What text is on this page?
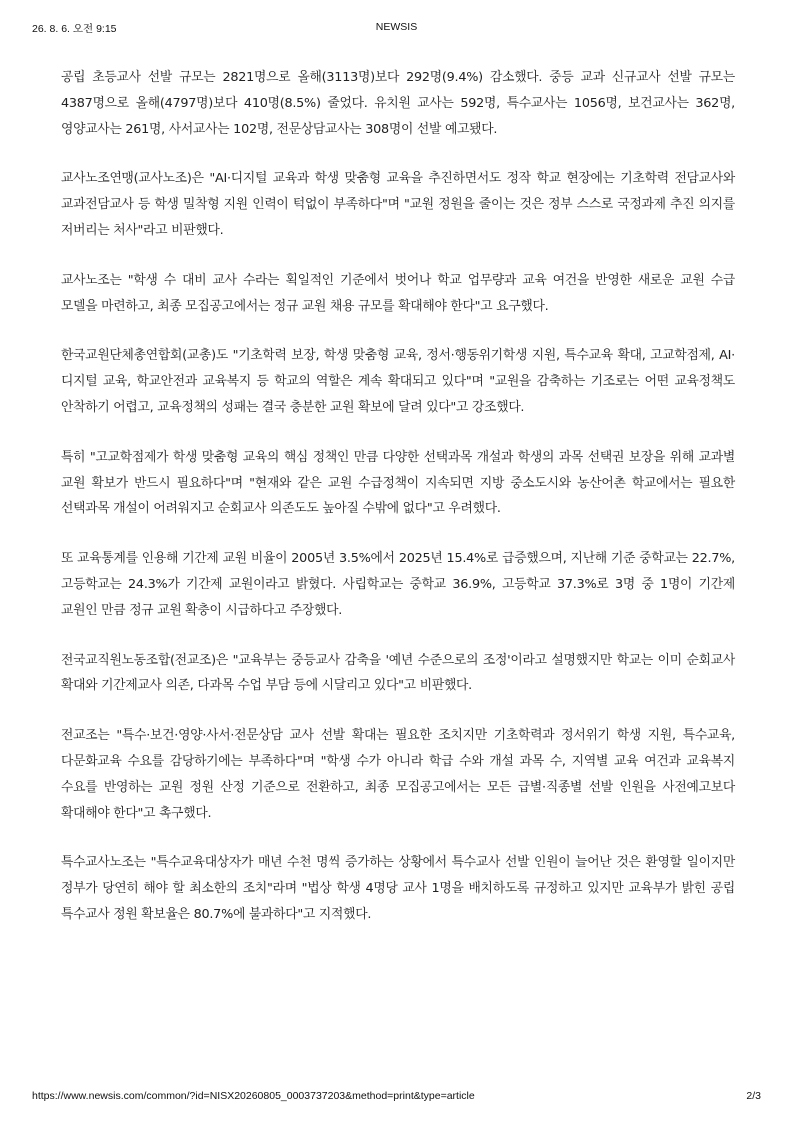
26. 8. 6. 오전 9:15	NEWSIS

공립 초등교사 선발 규모는 2821명으로 올해(3113명)보다 292명(9.4%) 감소했다. 중등 교과 신규교사 선발 규모는 4387명으로 올해(4797명)보다 410명(8.5%) 줄었다. 유치원 교사는 592명, 특수교사는 1056명, 보건교사는 362명, 영양교사는 261명, 사서교사는 102명, 전문상담교사는 308명이 선발 예고됐다.

교사노조연맹(교사노조)은 "AI·디지털 교육과 학생 맞춤형 교육을 추진하면서도 정작 학교 현장에는 기초학력 전담교사와 교과전담교사 등 학생 밀착형 지원 인력이 턱없이 부족하다"며 "교원 정원을 줄이는 것은 정부 스스로 국정과제 추진 의지를 저버리는 처사"라고 비판했다.

교사노조는 "학생 수 대비 교사 수라는 획일적인 기준에서 벗어나 학교 업무량과 교육 여건을 반영한 새로운 교원 수급 모델을 마련하고, 최종 모집공고에서는 정규 교원 채용 규모를 확대해야 한다"고 요구했다.

한국교원단체총연합회(교총)도 "기초학력 보장, 학생 맞춤형 교육, 정서·행동위기학생 지원, 특수교육 확대, 고교학점제, AI·디지털 교육, 학교안전과 교육복지 등 학교의 역할은 계속 확대되고 있다"며 "교원을 감축하는 기조로는 어떤 교육정책도 안착하기 어렵고, 교육정책의 성패는 결국 충분한 교원 확보에 달려 있다"고 강조했다.

특히 "고교학점제가 학생 맞춤형 교육의 핵심 정책인 만큼 다양한 선택과목 개설과 학생의 과목 선택권 보장을 위해 교과별 교원 확보가 반드시 필요하다"며 "현재와 같은 교원 수급정책이 지속되면 지방 중소도시와 농산어촌 학교에서는 필요한 선택과목 개설이 어려워지고 순회교사 의존도도 높아질 수밖에 없다"고 우려했다.

또 교육통계를 인용해 기간제 교원 비율이 2005년 3.5%에서 2025년 15.4%로 급증했으며, 지난해 기준 중학교는 22.7%, 고등학교는 24.3%가 기간제 교원이라고 밝혔다. 사립학교는 중학교 36.9%, 고등학교 37.3%로 3명 중 1명이 기간제 교원인 만큼 정규 교원 확충이 시급하다고 주장했다.

전국교직원노동조합(전교조)은 "교육부는 중등교사 감축을 '예년 수준으로의 조정'이라고 설명했지만 학교는 이미 순회교사 확대와 기간제교사 의존, 다과목 수업 부담 등에 시달리고 있다"고 비판했다.

전교조는 "특수·보건·영양·사서·전문상담 교사 선발 확대는 필요한 조치지만 기초학력과 정서위기 학생 지원, 특수교육, 다문화교육 수요를 감당하기에는 부족하다"며 "학생 수가 아니라 학급 수와 개설 과목 수, 지역별 교육 여건과 교육복지 수요를 반영하는 교원 정원 산정 기준으로 전환하고, 최종 모집공고에서는 모든 급별·직종별 선발 인원을 사전예고보다 확대해야 한다"고 촉구했다.

특수교사노조는 "특수교육대상자가 매년 수천 명씩 증가하는 상황에서 특수교사 선발 인원이 늘어난 것은 환영할 일이지만 정부가 당연히 해야 할 최소한의 조치"라며 "법상 학생 4명당 교사 1명을 배치하도록 규정하고 있지만 교육부가 밝힌 공립 특수교사 정원 확보율은 80.7%에 불과하다"고 지적했다.

https://www.newsis.com/common/?id=NISX20260805_0003737203&method=print&type=article	2/3
